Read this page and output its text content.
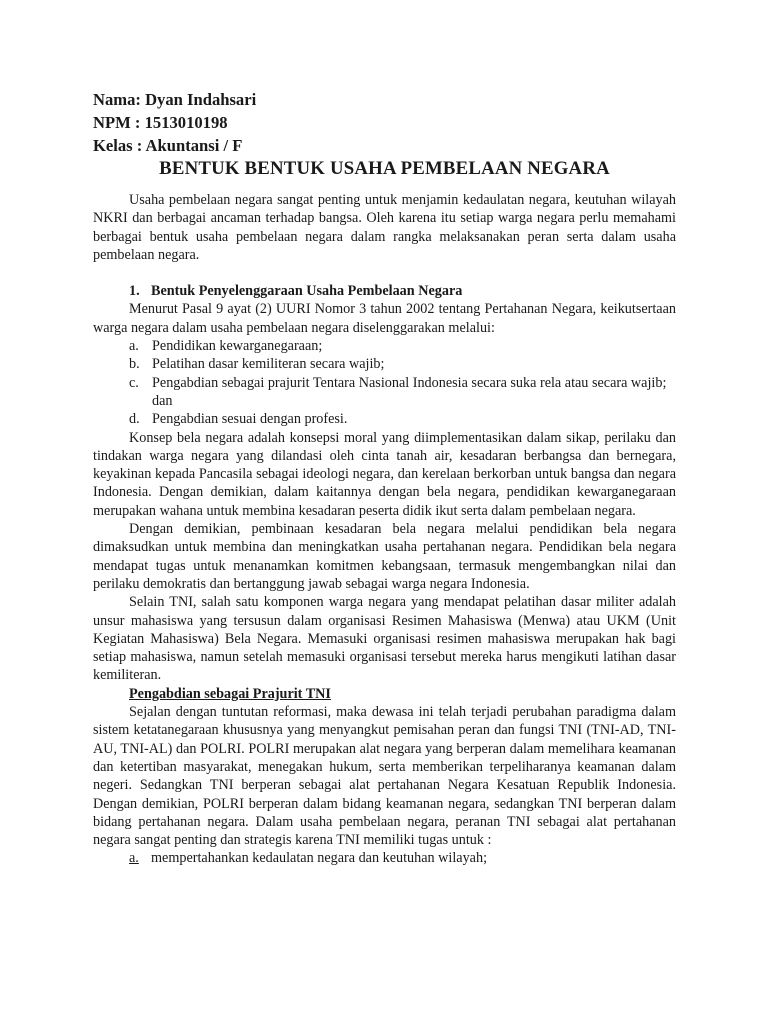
Nama: Dyan Indahsari
NPM : 1513010198
Kelas : Akuntansi / F
BENTUK BENTUK USAHA PEMBELAAN NEGARA

Usaha pembelaan negara sangat penting untuk menjamin kedaulatan negara, keutuhan wilayah NKRI dan berbagai ancaman terhadap bangsa. Oleh karena itu setiap warga negara perlu memahami berbagai bentuk usaha pembelaan negara dalam rangka melaksanakan peran serta dalam usaha pembelaan negara.

1. Bentuk Penyelenggaraan Usaha Pembelaan Negara

Menurut Pasal 9 ayat (2) UURI Nomor 3 tahun 2002 tentang Pertahanan Negara, keikutsertaan warga negara dalam usaha pembelaan negara diselenggarakan melalui:

a. Pendidikan kewarganegaraan;
b. Pelatihan dasar kemiliteran secara wajib;
c. Pengabdian sebagai prajurit Tentara Nasional Indonesia secara suka rela atau secara wajib; dan
d. Pengabdian sesuai dengan profesi.

Konsep bela negara adalah konsepsi moral yang diimplementasikan dalam sikap, perilaku dan tindakan warga negara yang dilandasi oleh cinta tanah air, kesadaran berbangsa dan bernegara, keyakinan kepada Pancasila sebagai ideologi negara, dan kerelaan berkorban untuk bangsa dan negara Indonesia. Dengan demikian, dalam kaitannya dengan bela negara, pendidikan kewarganegaraan merupakan wahana untuk membina kesadaran peserta didik ikut serta dalam pembelaan negara.

Dengan demikian, pembinaan kesadaran bela negara melalui pendidikan bela negara dimaksudkan untuk membina dan meningkatkan usaha pertahanan negara. Pendidikan bela negara mendapat tugas untuk menanamkan komitmen kebangsaan, termasuk mengembangkan nilai dan perilaku demokratis dan bertanggung jawab sebagai warga negara Indonesia.

Selain TNI, salah satu komponen warga negara yang mendapat pelatihan dasar militer adalah unsur mahasiswa yang tersusun dalam organisasi Resimen Mahasiswa (Menwa) atau UKM (Unit Kegiatan Mahasiswa) Bela Negara. Memasuki organisasi resimen mahasiswa merupakan hak bagi setiap mahasiswa, namun setelah memasuki organisasi tersebut mereka harus mengikuti latihan dasar kemiliteran.

Pengabdian sebagai Prajurit TNI

Sejalan dengan tuntutan reformasi, maka dewasa ini telah terjadi perubahan paradigma dalam sistem ketatanegaraan khususnya yang menyangkut pemisahan peran dan fungsi TNI (TNI-AD, TNI-AU, TNI-AL) dan POLRI. POLRI merupakan alat negara yang berperan dalam memelihara keamanan dan ketertiban masyarakat, menegakan hukum, serta memberikan terpeliharanya keamanan dalam negeri. Sedangkan TNI berperan sebagai alat pertahanan Negara Kesatuan Republik Indonesia. Dengan demikian, POLRI berperan dalam bidang keamanan negara, sedangkan TNI berperan dalam bidang pertahanan negara. Dalam usaha pembelaan negara, peranan TNI sebagai alat pertahanan negara sangat penting dan strategis karena TNI memiliki tugas untuk :

a. mempertahankan kedaulatan negara dan keutuhan wilayah;
